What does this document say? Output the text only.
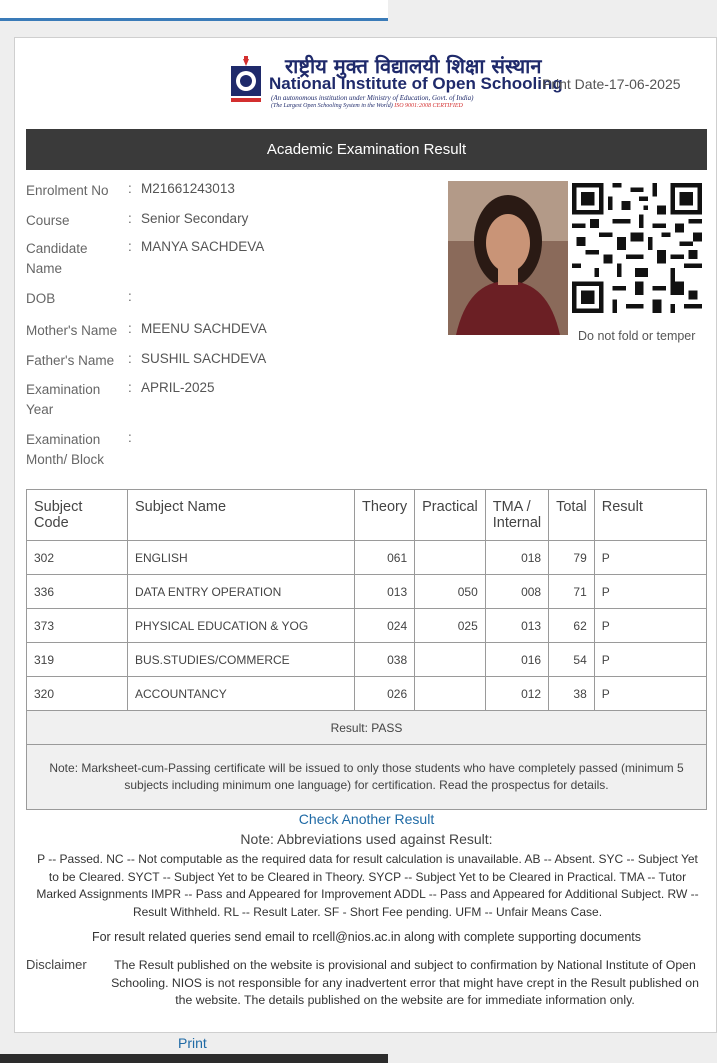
राष्ट्रीय मुक्त विद्यालयी शिक्षा संस्थान
National Institute of Open Schooling
(An autonomous institution under Ministry of Education, Govt. of India)
(The Largest Open Schooling System in the World) ISO 9001:2008 CERTIFIED
Print Date-17-06-2025
Academic Examination Result
Enrolment No	: M21661243013
Course	: Senior Secondary
Candidate Name
: MANYA SACHDEVA
DOB	:
Mother's Name : MEENU SACHDEVA
Father's Name	: SUSHIL SACHDEVA
Examination Year
: APRIL-2025
Examination Month/ Block
:
Do not fold or temper
Subject Code	Subject Name	Theory	Practical	TMA / Internal	Total	Result
302	ENGLISH	061		018	79	P
336	DATA ENTRY OPERATION	013	050	008	71	P
373	PHYSICAL EDUCATION & YOG	024	025	013	62	P
319	BUS.STUDIES/COMMERCE	038		016	54	P
320	ACCOUNTANCY	026		012	38	P
Result: PASS						
Note: Marksheet-cum-Passing certificate will be issued to only those students who have completely passed (minimum 5 subjects including minimum one language) for certification. Read the prospectus for details.						
Check Another Result
Note: Abbreviations used against Result:
P -- Passed. NC -- Not computable as the required data for result calculation is unavailable. AB -- Absent. SYC -- Subject Yet to be Cleared. SYCT -- Subject Yet to be Cleared in Theory. SYCP -- Subject Yet to be Cleared in Practical. TMA -- Tutor Marked Assignments IMPR -- Pass and Appeared for Improvement ADDL -- Pass and Appeared for Additional Subject. RW -- Result Withheld. RL -- Result Later. SF - Short Fee pending. UFM -- Unfair Means Case.
For result related queries send email to rcell@nios.ac.in along with complete supporting documents
Disclaimer	The Result published on the website is provisional and subject to confirmation by National Institute of Open Schooling. NIOS is not responsible for any inadvertent error that might have crept in the Result published on the website. The details published on the website are for immediate information only.
Print
